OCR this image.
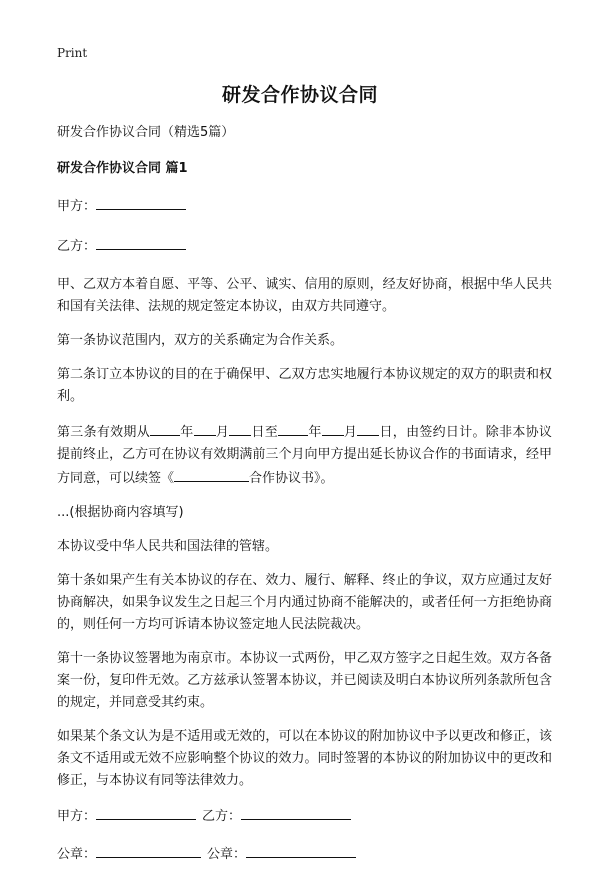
Print
研发合作协议合同

研发合作协议合同（精选5篇）

研发合作协议合同 篇1

甲方：

乙方：

甲、乙双方本着自愿、平等、公平、诚实、信用的原则，经友好协商，根据中华人民共和国有关法律、法规的规定签定本协议，由双方共同遵守。

第一条协议范围内，双方的关系确定为合作关系。

第二条订立本协议的目的在于确保甲、乙双方忠实地履行本协议规定的双方的职责和权利。

第三条有效期从 年 月 日至 年 月 日，由签约日计。除非本协议提前终止，乙方可在协议有效期满前三个月向甲方提出延长协议合作的书面请求，经甲方同意，可以续签《	合作协议书》。

...(根据协商内容填写)

本协议受中华人民共和国法律的管辖。

第十条如果产生有关本协议的存在、效力、履行、解释、终止的争议，双方应通过友好协商解决，如果争议发生之日起三个月内通过协商不能解决的，或者任何一方拒绝协商的，则任何一方均可诉请本协议签定地人民法院裁决。

第十一条协议签署地为南京市。本协议一式两份，甲乙双方签字之日起生效。双方各备案一份，复印件无效。乙方兹承认签署本协议，并已阅读及明白本协议所列条款所包含的规定，并同意受其约束。

如果某个条文认为是不适用或无效的，可以在本协议的附加协议中予以更改和修正，该条文不适用或无效不应影响整个协议的效力。同时签署的本协议的附加协议中的更改和修正，与本协议有同等法律效力。

甲方：	乙方：
公章：	公章：
